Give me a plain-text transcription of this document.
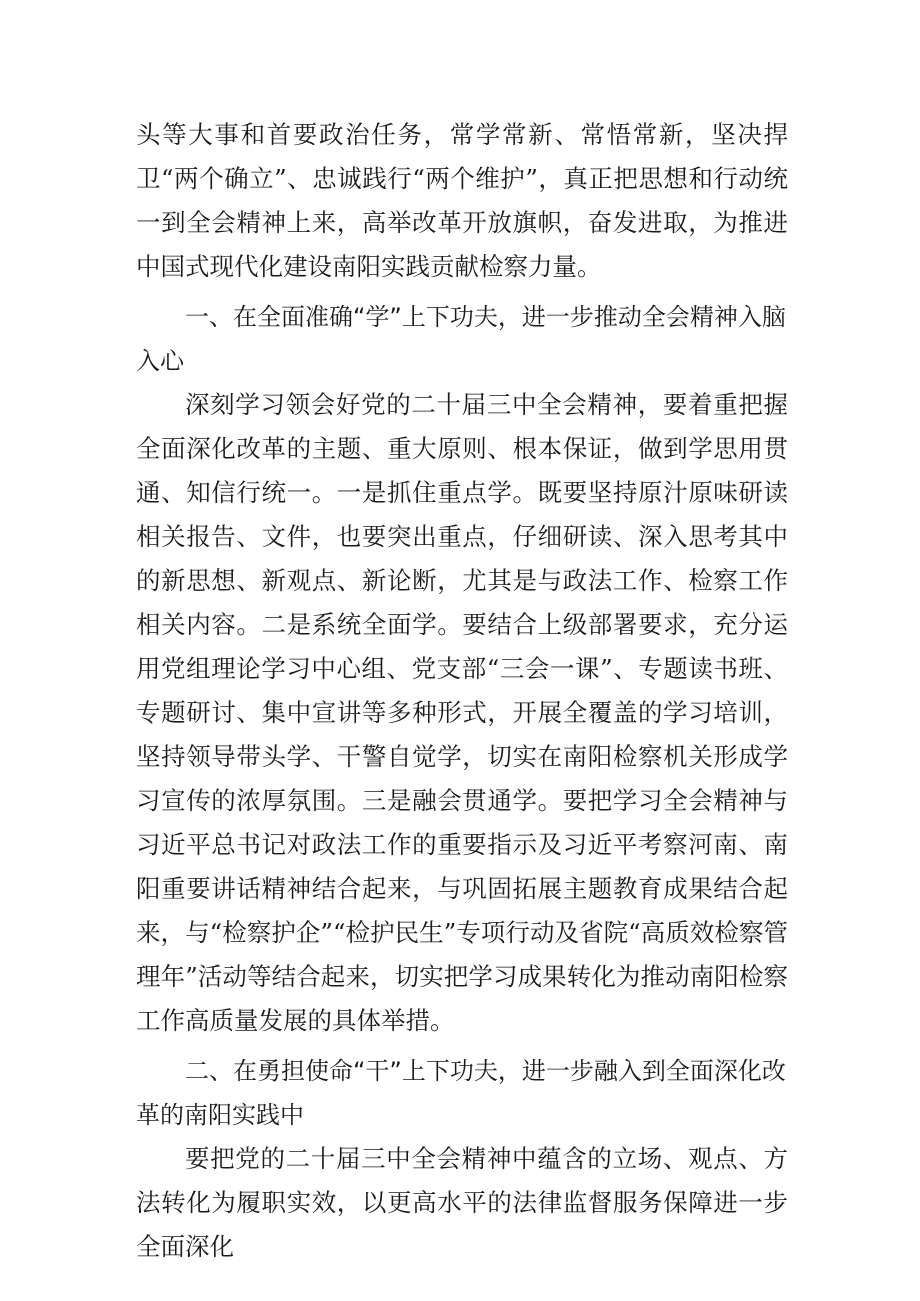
头等大事和首要政治任务，常学常新、常悟常新，坚决捍卫“两个确立”、忠诚践行“两个维护”，真正把思想和行动统一到全会精神上来，高举改革开放旗帜，奋发进取，为推进中国式现代化建设南阳实践贡献检察力量。

一、在全面准确“学”上下功夫，进一步推动全会精神入脑入心

深刻学习领会好党的二十届三中全会精神，要着重把握全面深化改革的主题、重大原则、根本保证，做到学思用贯通、知信行统一。一是抓住重点学。既要坚持原汁原味研读相关报告、文件，也要突出重点，仔细研读、深入思考其中的新思想、新观点、新论断，尤其是与政法工作、检察工作相关内容。二是系统全面学。要结合上级部署要求，充分运用党组理论学习中心组、党支部“三会一课”、专题读书班、专题研讨、集中宣讲等多种形式，开展全覆盖的学习培训，坚持领导带头学、干警自觉学，切实在南阳检察机关形成学习宣传的浓厚氛围。三是融会贯通学。要把学习全会精神与习近平总书记对政法工作的重要指示及习近平考察河南、南阳重要讲话精神结合起来，与巩固拓展主题教育成果结合起来，与“检察护企”“检护民生”专项行动及省院“高质效检察管理年”活动等结合起来，切实把学习成果转化为推动南阳检察工作高质量发展的具体举措。

二、在勇担使命“干”上下功夫，进一步融入到全面深化改革的南阳实践中

要把党的二十届三中全会精神中蕴含的立场、观点、方法转化为履职实效，以更高水平的法律监督服务保障进一步全面深化
